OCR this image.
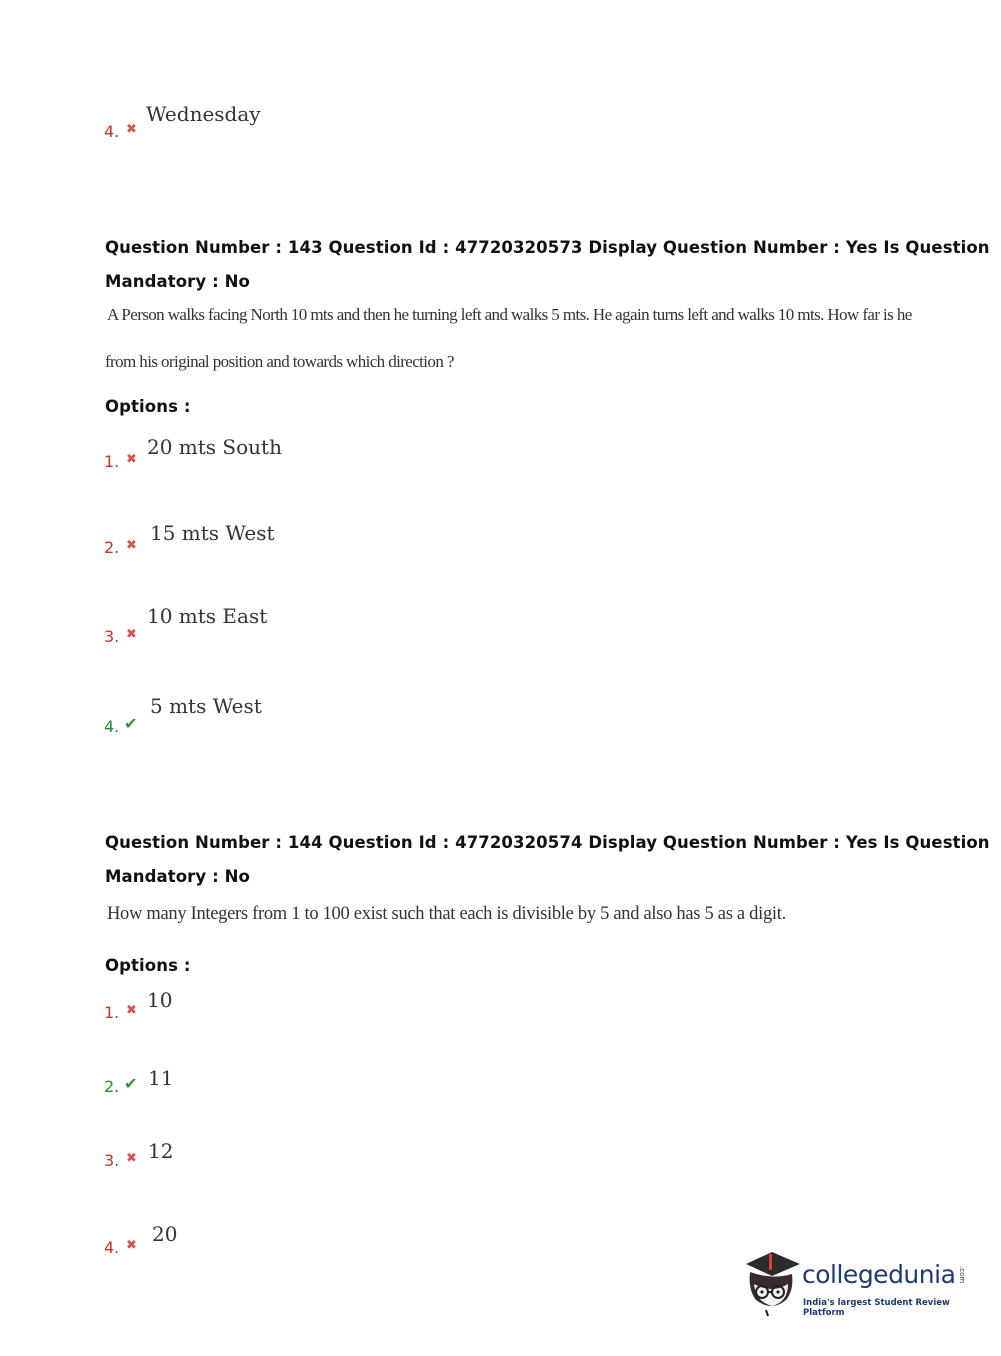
4. ✖
Wednesday
Question Number : 143 Question Id : 47720320573 Display Question Number : Yes Is Question
Mandatory : No
A Person walks facing North 10 mts and then he turning left and walks 5 mts. He again turns left and walks 10 mts. How far is he
from his original position and towards which direction ?
Options :
1. ✖
20 mts South
2. ✖
15 mts West
3. ✖
10 mts East
4. ✔
5 mts West
Question Number : 144 Question Id : 47720320574 Display Question Number : Yes Is Question
Mandatory : No
How many Integers from 1 to 100 exist such that each is divisible by 5 and also has 5 as a digit.
Options :
1. ✖ 10
2. ✔ 11
3. ✖ 12
4. ✖ 20
collegedunia .com
India's largest Student Review Platform
